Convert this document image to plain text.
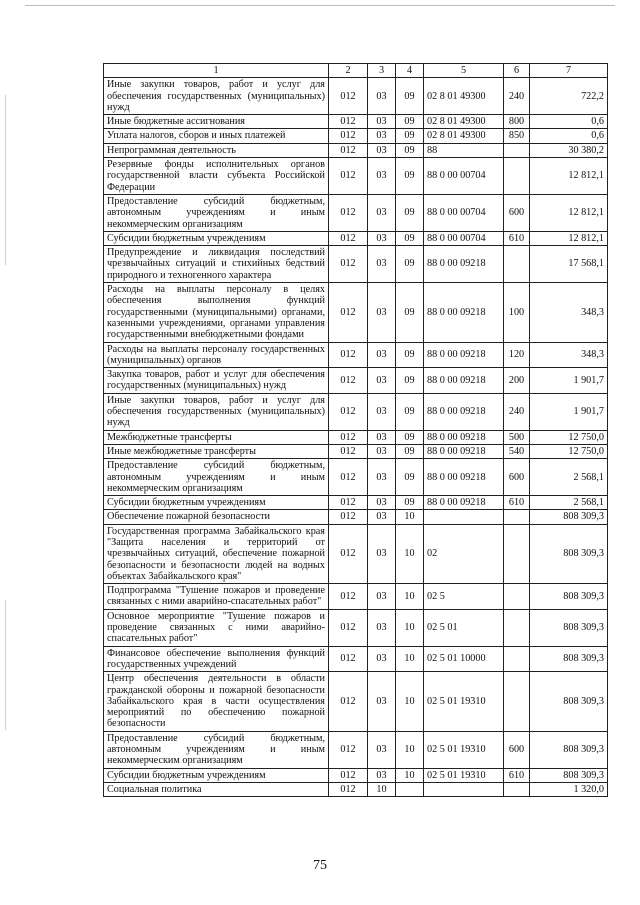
1	2	3	4	5	6	7
Иные закупки товаров, работ и услуг для обеспечения государственных (муниципальных) нужд	012	03	09	02 8 01 49300	240	722,2
Иные бюджетные ассигнования	012	03	09	02 8 01 49300	800	0,6
Уплата налогов, сборов и иных платежей	012	03	09	02 8 01 49300	850	0,6
Непрограммная деятельность	012	03	09	88		30 380,2
Резервные фонды исполнительных органов государственной власти субъекта Российской Федерации	012	03	09	88 0 00 00704		12 812,1
Предоставление субсидий бюджетным, автономным учреждениям и иным некоммерческим организациям	012	03	09	88 0 00 00704	600	12 812,1
Субсидии бюджетным учреждениям	012	03	09	88 0 00 00704	610	12 812,1
Предупреждение и ликвидация последствий чрезвычайных ситуаций и стихийных бедствий природного и техногенного характера	012	03	09	88 0 00 09218		17 568,1
Расходы на выплаты персоналу в целях обеспечения выполнения функций государственными (муниципальными) органами, казенными учреждениями, органами управления государственными внебюджетными фондами	012	03	09	88 0 00 09218	100	348,3
Расходы на выплаты персоналу государственных (муниципальных) органов	012	03	09	88 0 00 09218	120	348,3
Закупка товаров, работ и услуг для обеспечения государственных (муниципальных) нужд	012	03	09	88 0 00 09218	200	1 901,7
Иные закупки товаров, работ и услуг для обеспечения государственных (муниципальных) нужд	012	03	09	88 0 00 09218	240	1 901,7
Межбюджетные трансферты	012	03	09	88 0 00 09218	500	12 750,0
Иные межбюджетные трансферты	012	03	09	88 0 00 09218	540	12 750,0
Предоставление субсидий бюджетным, автономным учреждениям и иным некоммерческим организациям	012	03	09	88 0 00 09218	600	2 568,1
Субсидии бюджетным учреждениям	012	03	09	88 0 00 09218	610	2 568,1
Обеспечение пожарной безопасности	012	03	10			808 309,3
Государственная программа Забайкальского края "Защита населения и территорий от чрезвычайных ситуаций, обеспечение пожарной безопасности и безопасности людей на водных объектах Забайкальского края"	012	03	10	02		808 309,3
Подпрограмма "Тушение пожаров и проведение связанных с ними аварийно-спасательных работ"	012	03	10	02 5		808 309,3
Основное мероприятие "Тушение пожаров и проведение связанных с ними аварийно-спасательных работ"	012	03	10	02 5 01		808 309,3
Финансовое обеспечение выполнения функций государственных учреждений	012	03	10	02 5 01 10000		808 309,3
Центр обеспечения деятельности в области гражданской обороны и пожарной безопасности Забайкальского края в части осуществления мероприятий по обеспечению пожарной безопасности	012	03	10	02 5 01 19310		808 309,3
Предоставление субсидий бюджетным, автономным учреждениям и иным некоммерческим организациям	012	03	10	02 5 01 19310	600	808 309,3
Субсидии бюджетным учреждениям	012	03	10	02 5 01 19310	610	808 309,3
Социальная политика	012	10				1 320,0
75
